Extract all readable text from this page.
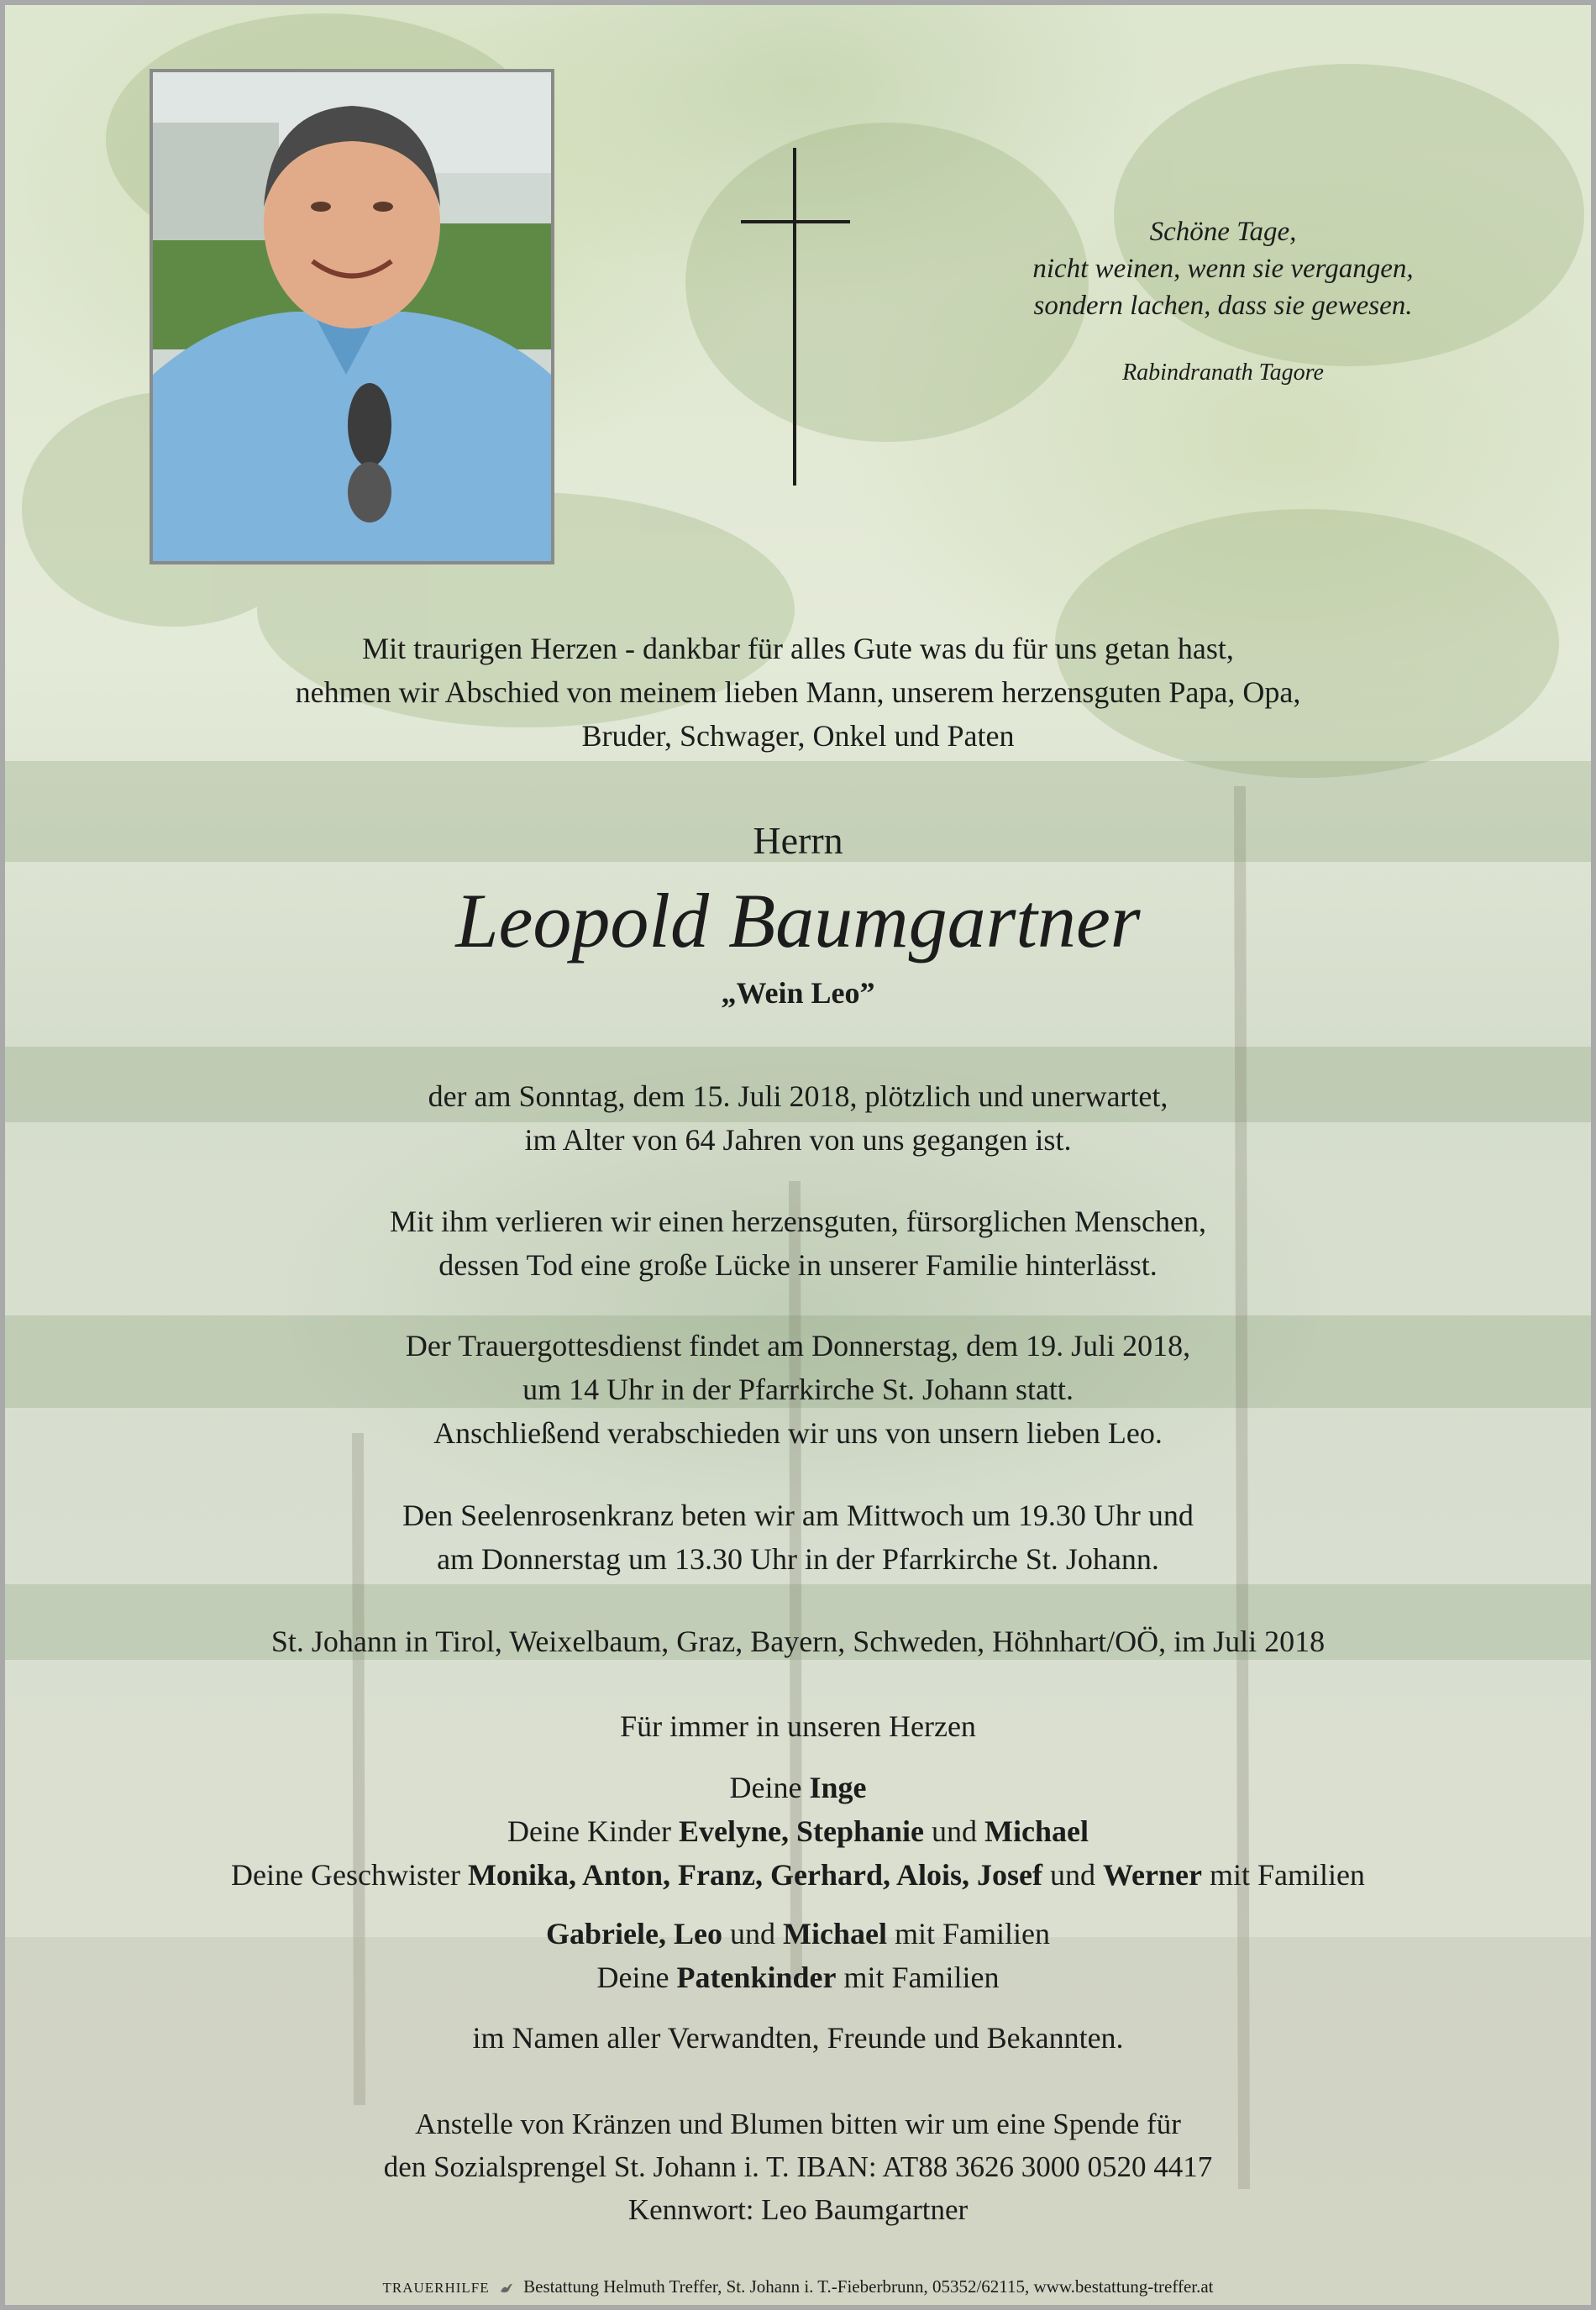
Schöne Tage,
nicht weinen, wenn sie vergangen,
sondern lachen, dass sie gewesen.
Rabindranath Tagore
Mit traurigen Herzen - dankbar für alles Gute was du für uns getan hast,
nehmen wir Abschied von meinem lieben Mann, unserem herzensguten Papa, Opa,
Bruder, Schwager, Onkel und Paten
Herrn
Leopold Baumgartner
„Wein Leo”
der am Sonntag, dem 15. Juli 2018, plötzlich und unerwartet,
im Alter von 64 Jahren von uns gegangen ist.
Mit ihm verlieren wir einen herzensguten, fürsorglichen Menschen,
dessen Tod eine große Lücke in unserer Familie hinterlässt.
Der Trauergottesdienst findet am Donnerstag, dem 19. Juli 2018,
um 14 Uhr in der Pfarrkirche St. Johann statt.
Anschließend verabschieden wir uns von unsern lieben Leo.
Den Seelenrosenkranz beten wir am Mittwoch um 19.30 Uhr und
am Donnerstag um 13.30 Uhr in der Pfarrkirche St. Johann.
St. Johann in Tirol, Weixelbaum, Graz, Bayern, Schweden, Höhnhart/OÖ, im Juli 2018
Für immer in unseren Herzen
Deine Inge
Deine Kinder Evelyne, Stephanie und Michael
Deine Geschwister Monika, Anton, Franz, Gerhard, Alois, Josef und Werner mit Familien
Gabriele, Leo und Michael mit Familien
Deine Patenkinder mit Familien
im Namen aller Verwandten, Freunde und Bekannten.
Anstelle von Kränzen und Blumen bitten wir um eine Spende für
den Sozialsprengel St. Johann i. T. IBAN: AT88 3626 3000 0520 4417
Kennwort: Leo Baumgartner
TRAUERHILFE Bestattung Helmuth Treffer, St. Johann i. T.-Fieberbrunn, 05352/62115, www.bestattung-treffer.at
